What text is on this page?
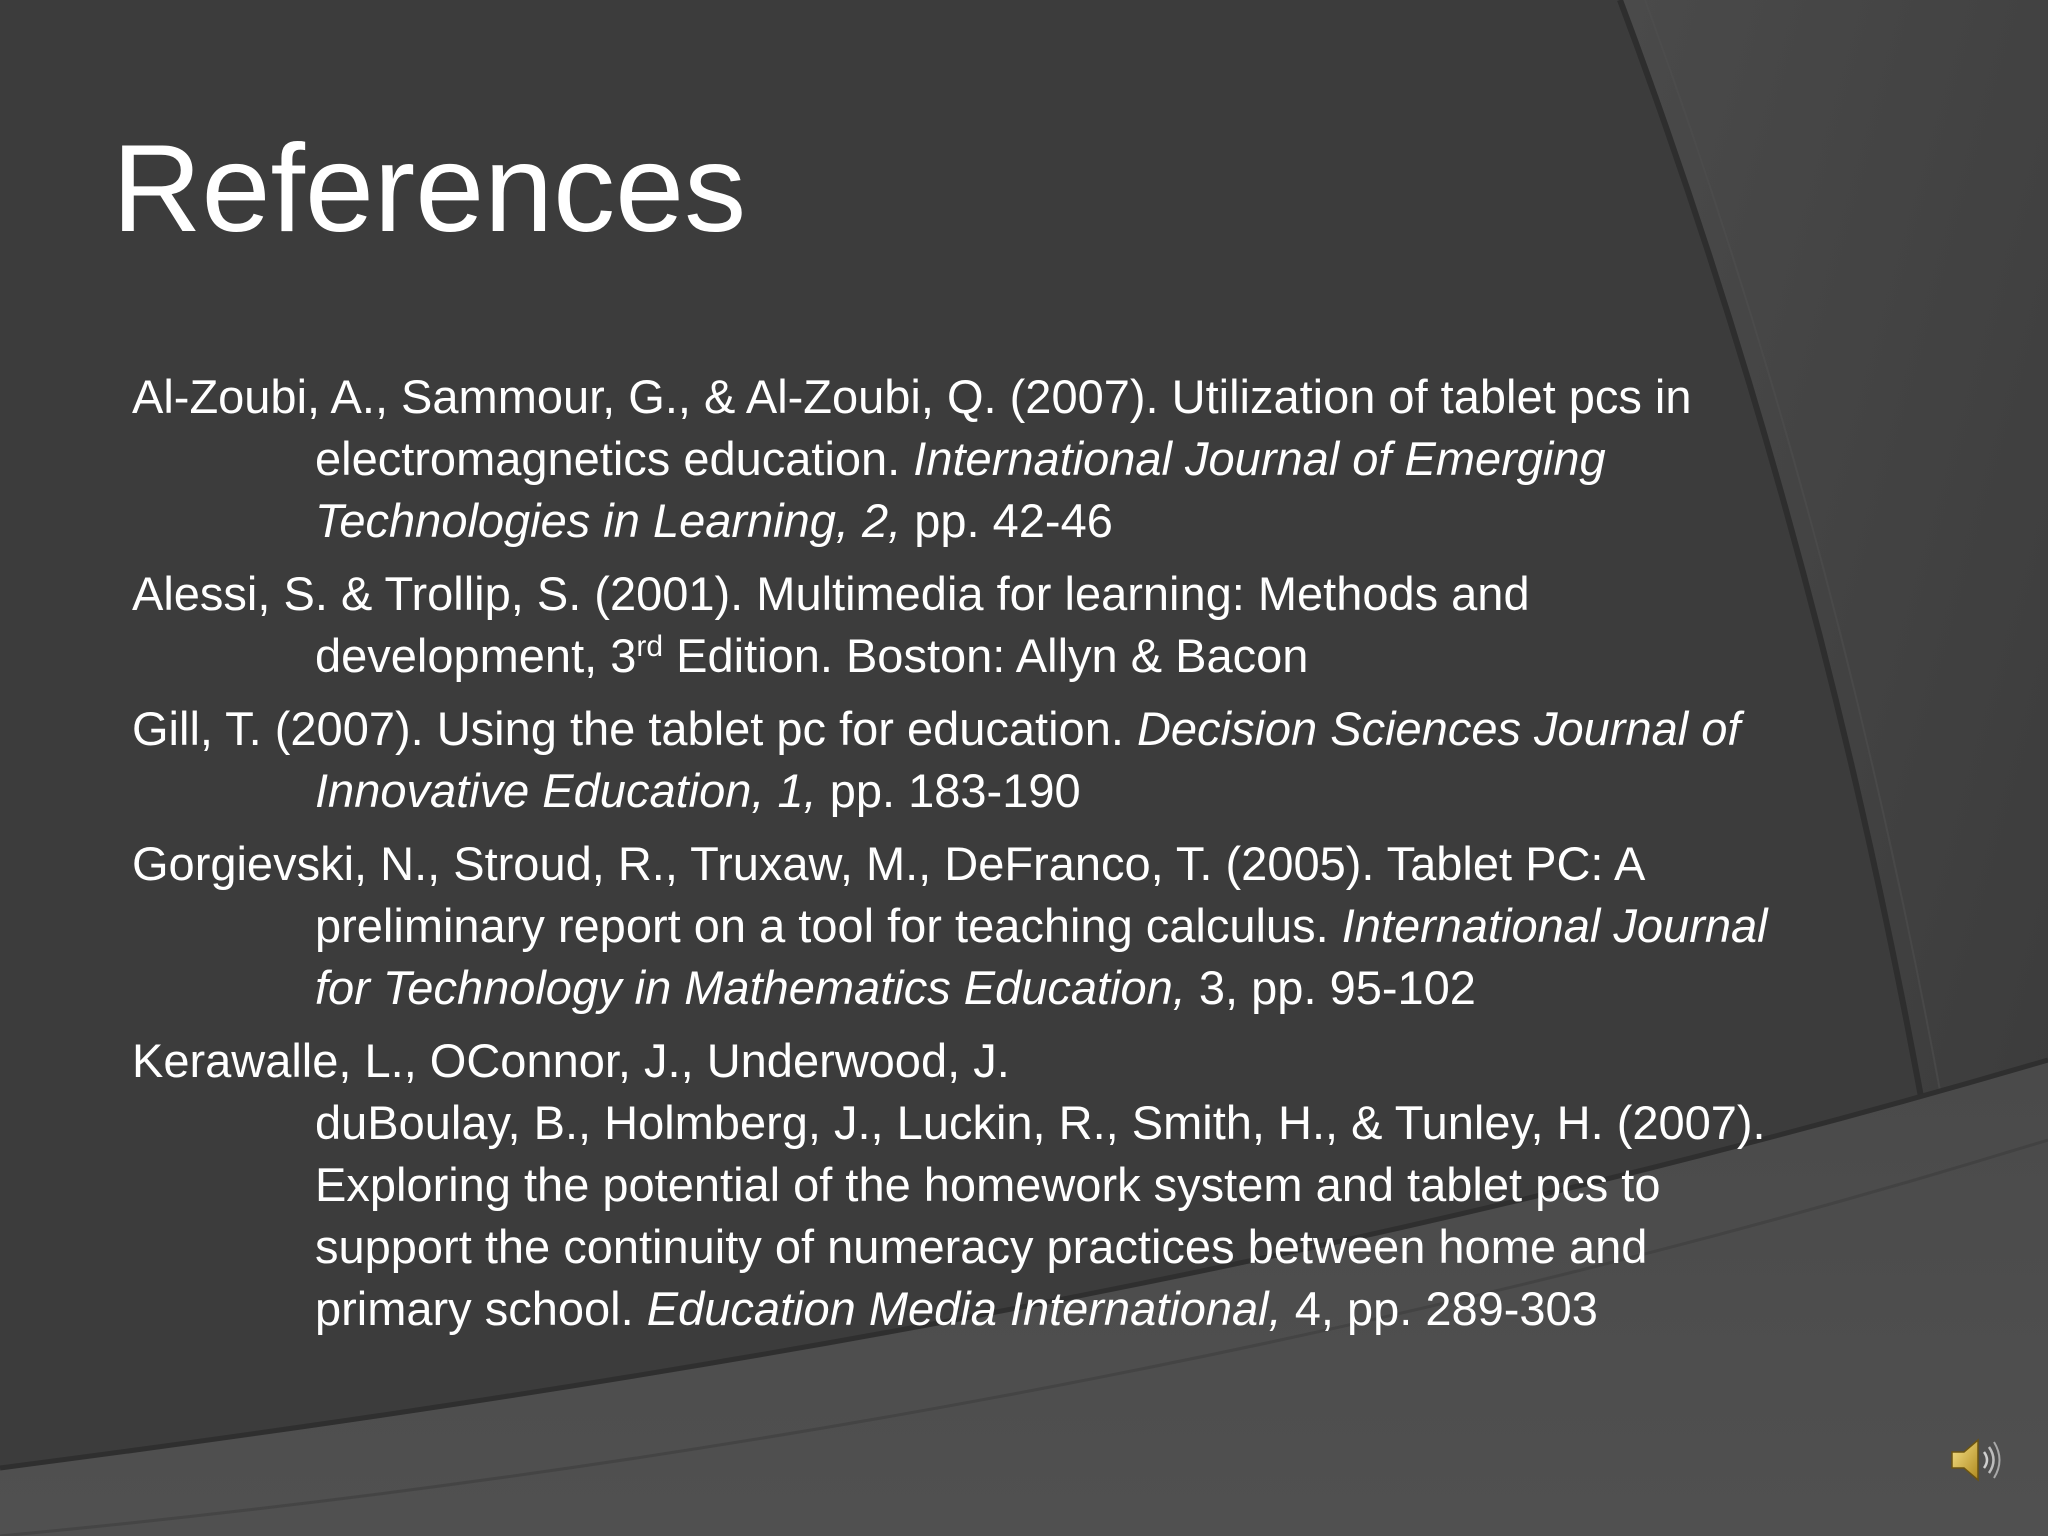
References
Al-Zoubi, A., Sammour, G., & Al-Zoubi, Q. (2007). Utilization of tablet pcs in
electromagnetics education. International Journal of Emerging
Technologies in Learning, 2, pp. 42-46
Alessi, S. & Trollip, S. (2001). Multimedia for learning: Methods and
development, 3rd Edition. Boston: Allyn & Bacon
Gill, T. (2007). Using the tablet pc for education. Decision Sciences Journal of
Innovative Education, 1, pp. 183-190
Gorgievski, N., Stroud, R., Truxaw, M., DeFranco, T. (2005). Tablet PC: A
preliminary report on a tool for teaching calculus. International Journal
for Technology in Mathematics Education, 3, pp. 95-102
Kerawalle, L., OConnor, J., Underwood, J.
duBoulay, B., Holmberg, J., Luckin, R., Smith, H., & Tunley, H. (2007).
Exploring the potential of the homework system and tablet pcs to
support the continuity of numeracy practices between home and
primary school. Education Media International, 4, pp. 289-303
